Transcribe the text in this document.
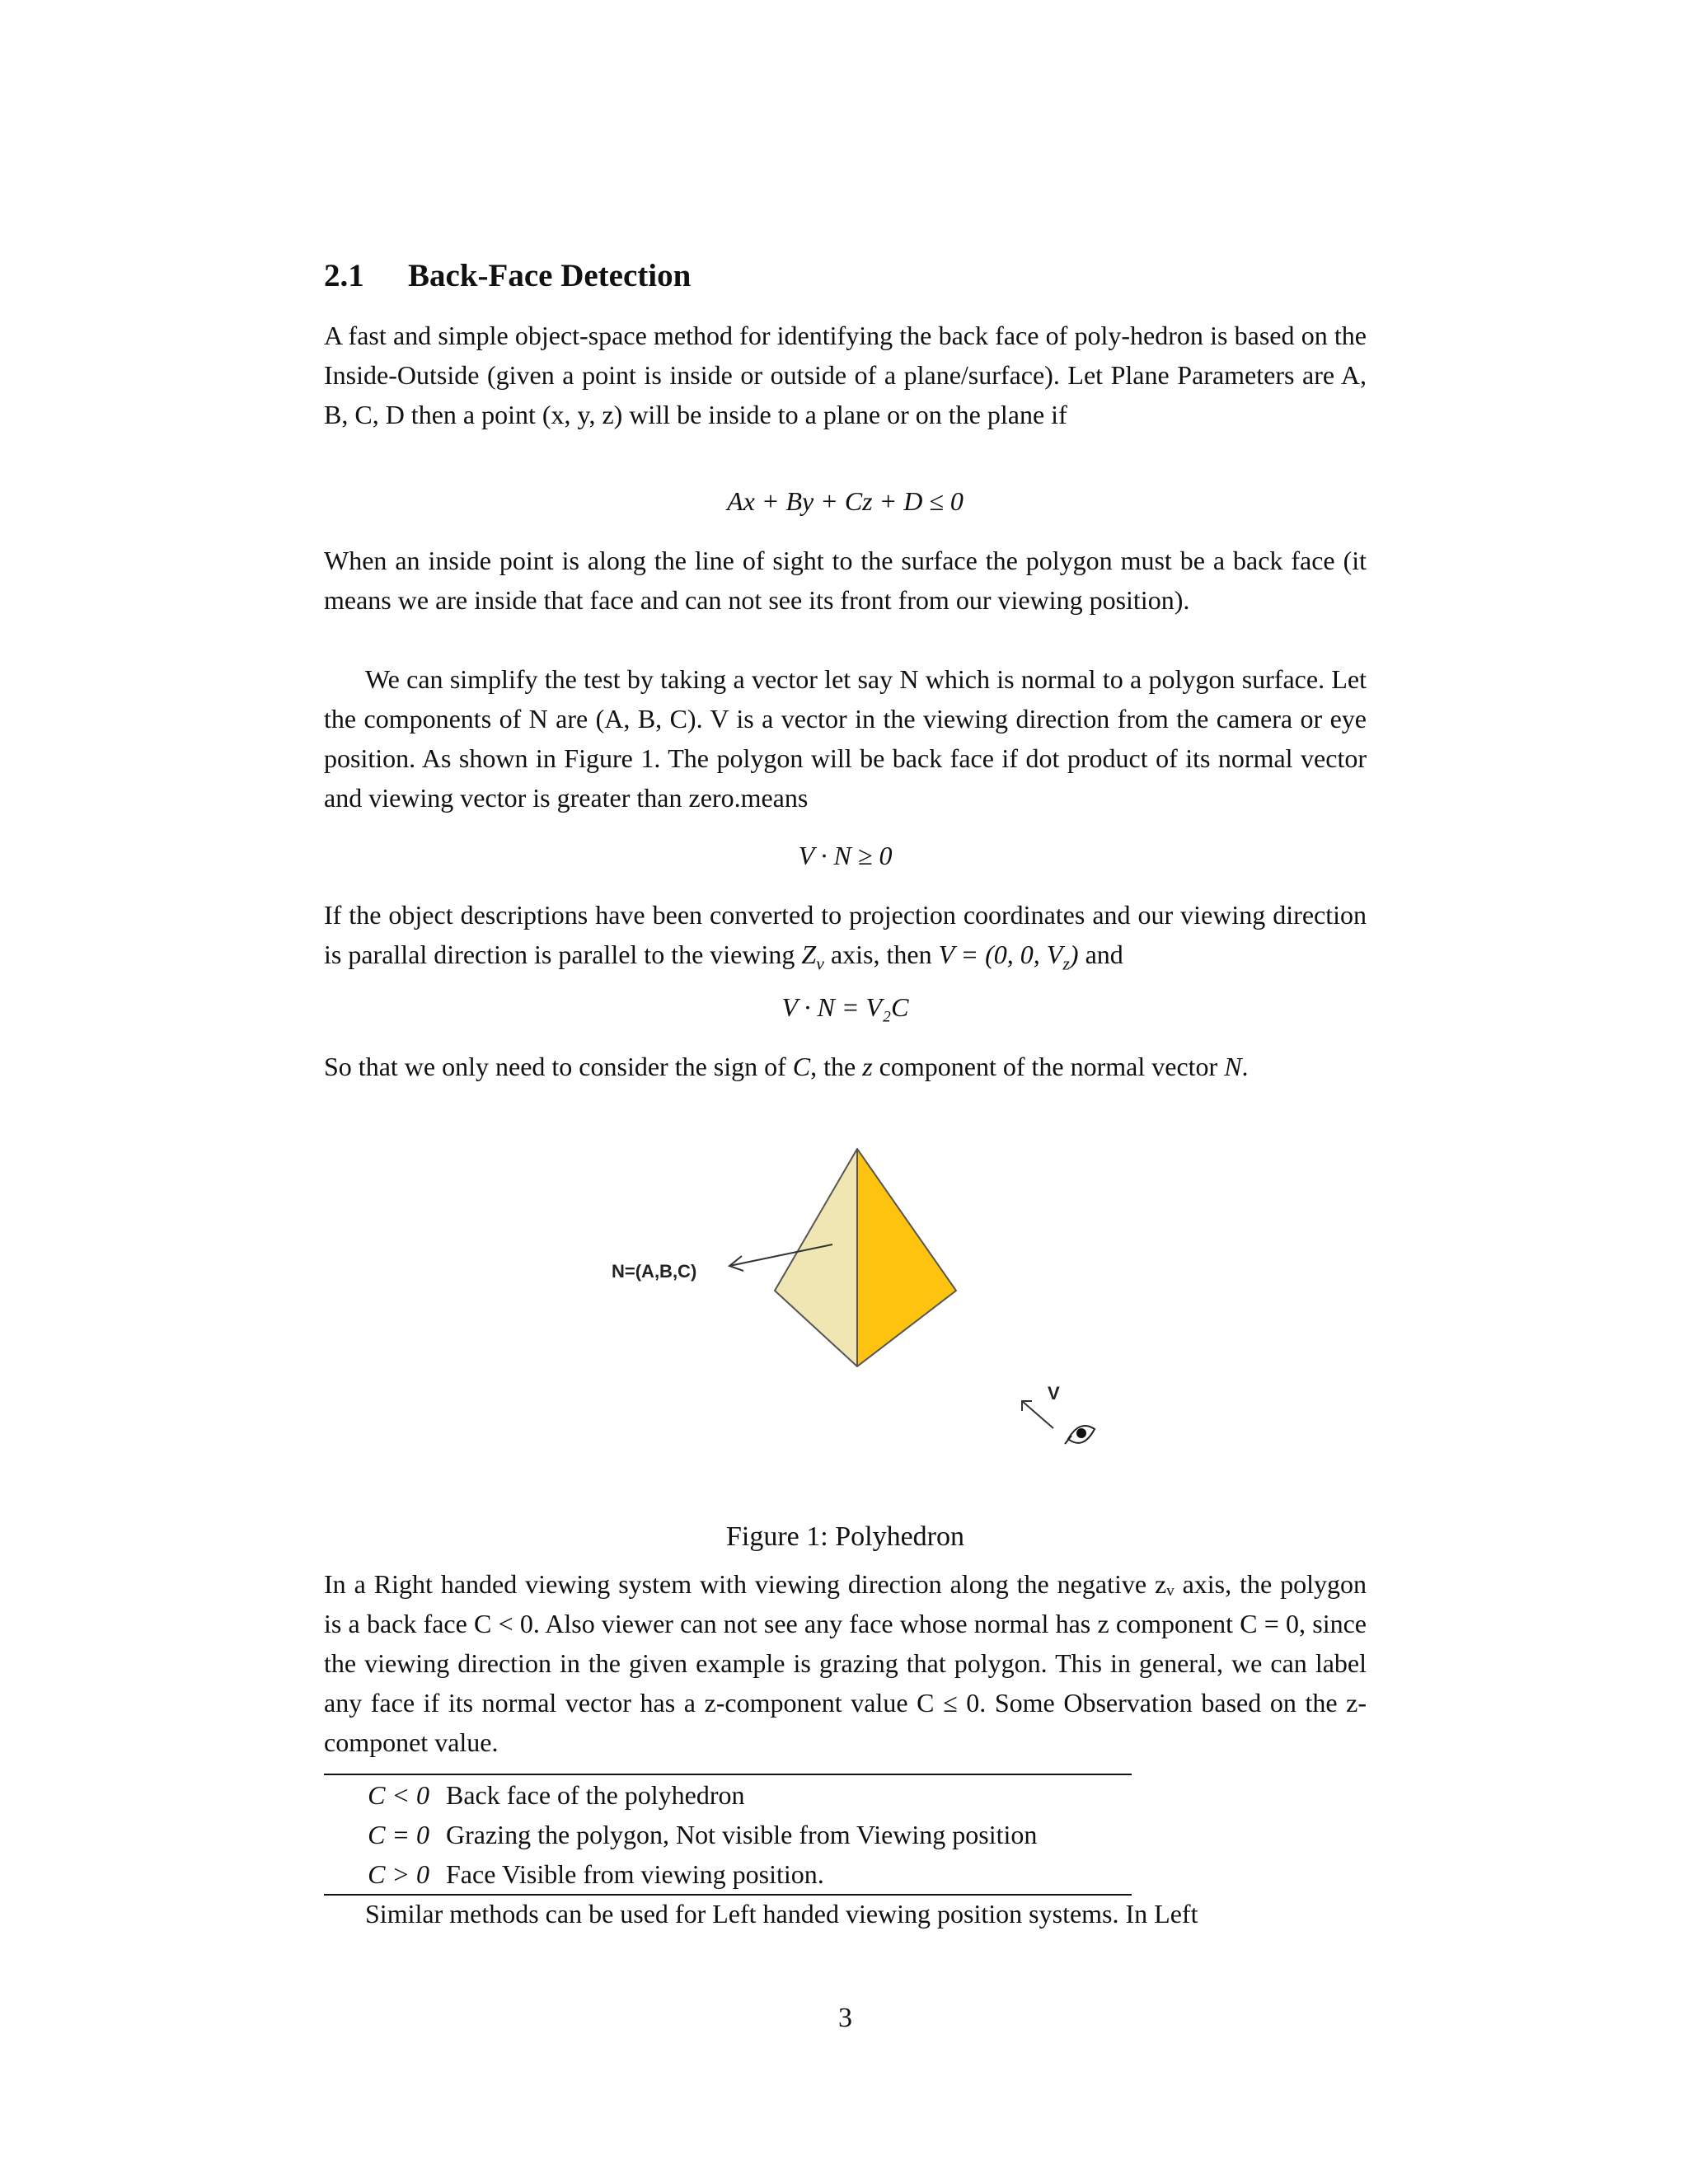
2.1 Back-Face Detection
A fast and simple object-space method for identifying the back face of poly-hedron is based on the Inside-Outside (given a point is inside or outside of a plane/surface). Let Plane Parameters are A, B, C, D then a point (x, y, z) will be inside to a plane or on the plane if
Ax + By + Cz + D ≤ 0
When an inside point is along the line of sight to the surface the polygon must be a back face (it means we are inside that face and can not see its front from our viewing position).
We can simplify the test by taking a vector let say N which is normal to a polygon surface. Let the components of N are (A, B, C). V is a vector in the viewing direction from the camera or eye position. As shown in Figure 1. The polygon will be back face if dot product of its normal vector and viewing vector is greater than zero.means
V · N ≥ 0
If the object descriptions have been converted to projection coordinates and our viewing direction is parallal direction is parallel to the viewing $Z_v$ axis, then V = (0, 0, $V_z$) and
V · N = V₂C
So that we only need to consider the sign of C, the z component of the normal vector N.
N=(A,B,C)
V
Figure 1: Polyhedron
In a Right handed viewing system with viewing direction along the negative zᵥ axis, the polygon is a back face C < 0. Also viewer can not see any face whose normal has z component C = 0, since the viewing direction in the given example is grazing that polygon. This in general, we can label any face if its normal vector has a z-component value C ≤ 0. Some Observation based on the z-componet value.
C < 0 Back face of the polyhedron
C = 0 Grazing the polygon, Not visible from Viewing position
C > 0 Face Visible from viewing position.
Similar methods can be used for Left handed viewing position systems. In Left
3
